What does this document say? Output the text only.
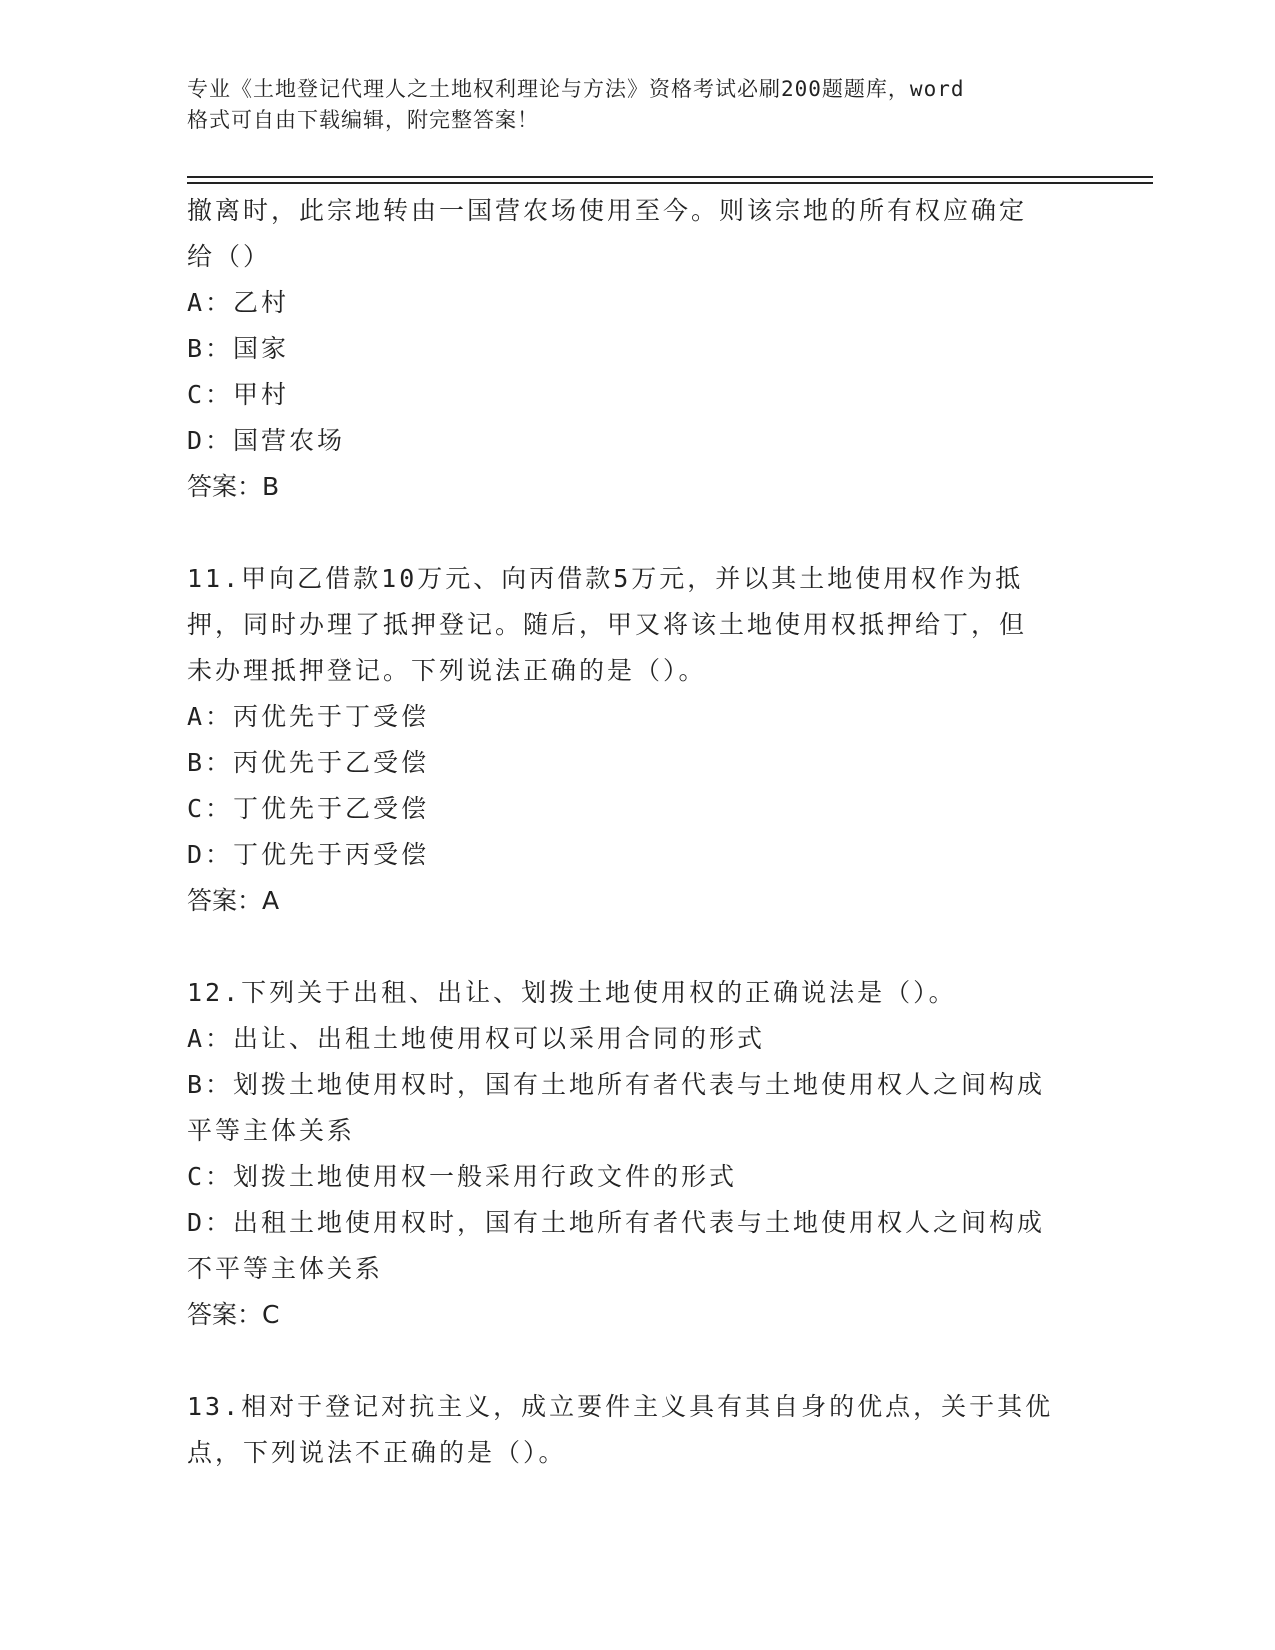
专业《土地登记代理人之土地权利理论与方法》资格考试必刷200题题库，word
格式可自由下载编辑，附完整答案！
撤离时，此宗地转由一国营农场使用至今。则该宗地的所有权应确定
给（）
A：乙村
B：国家
C：甲村
D：国营农场
答案：B
11.甲向乙借款10万元、向丙借款5万元，并以其土地使用权作为抵
押，同时办理了抵押登记。随后，甲又将该土地使用权抵押给丁，但
未办理抵押登记。下列说法正确的是（）。
A：丙优先于丁受偿
B：丙优先于乙受偿
C：丁优先于乙受偿
D：丁优先于丙受偿
答案：A
12.下列关于出租、出让、划拨土地使用权的正确说法是（）。
A：出让、出租土地使用权可以采用合同的形式
B：划拨土地使用权时，国有土地所有者代表与土地使用权人之间构成
平等主体关系
C：划拨土地使用权一般采用行政文件的形式
D：出租土地使用权时，国有土地所有者代表与土地使用权人之间构成
不平等主体关系
答案：C
13.相对于登记对抗主义，成立要件主义具有其自身的优点，关于其优
点，下列说法不正确的是（）。
